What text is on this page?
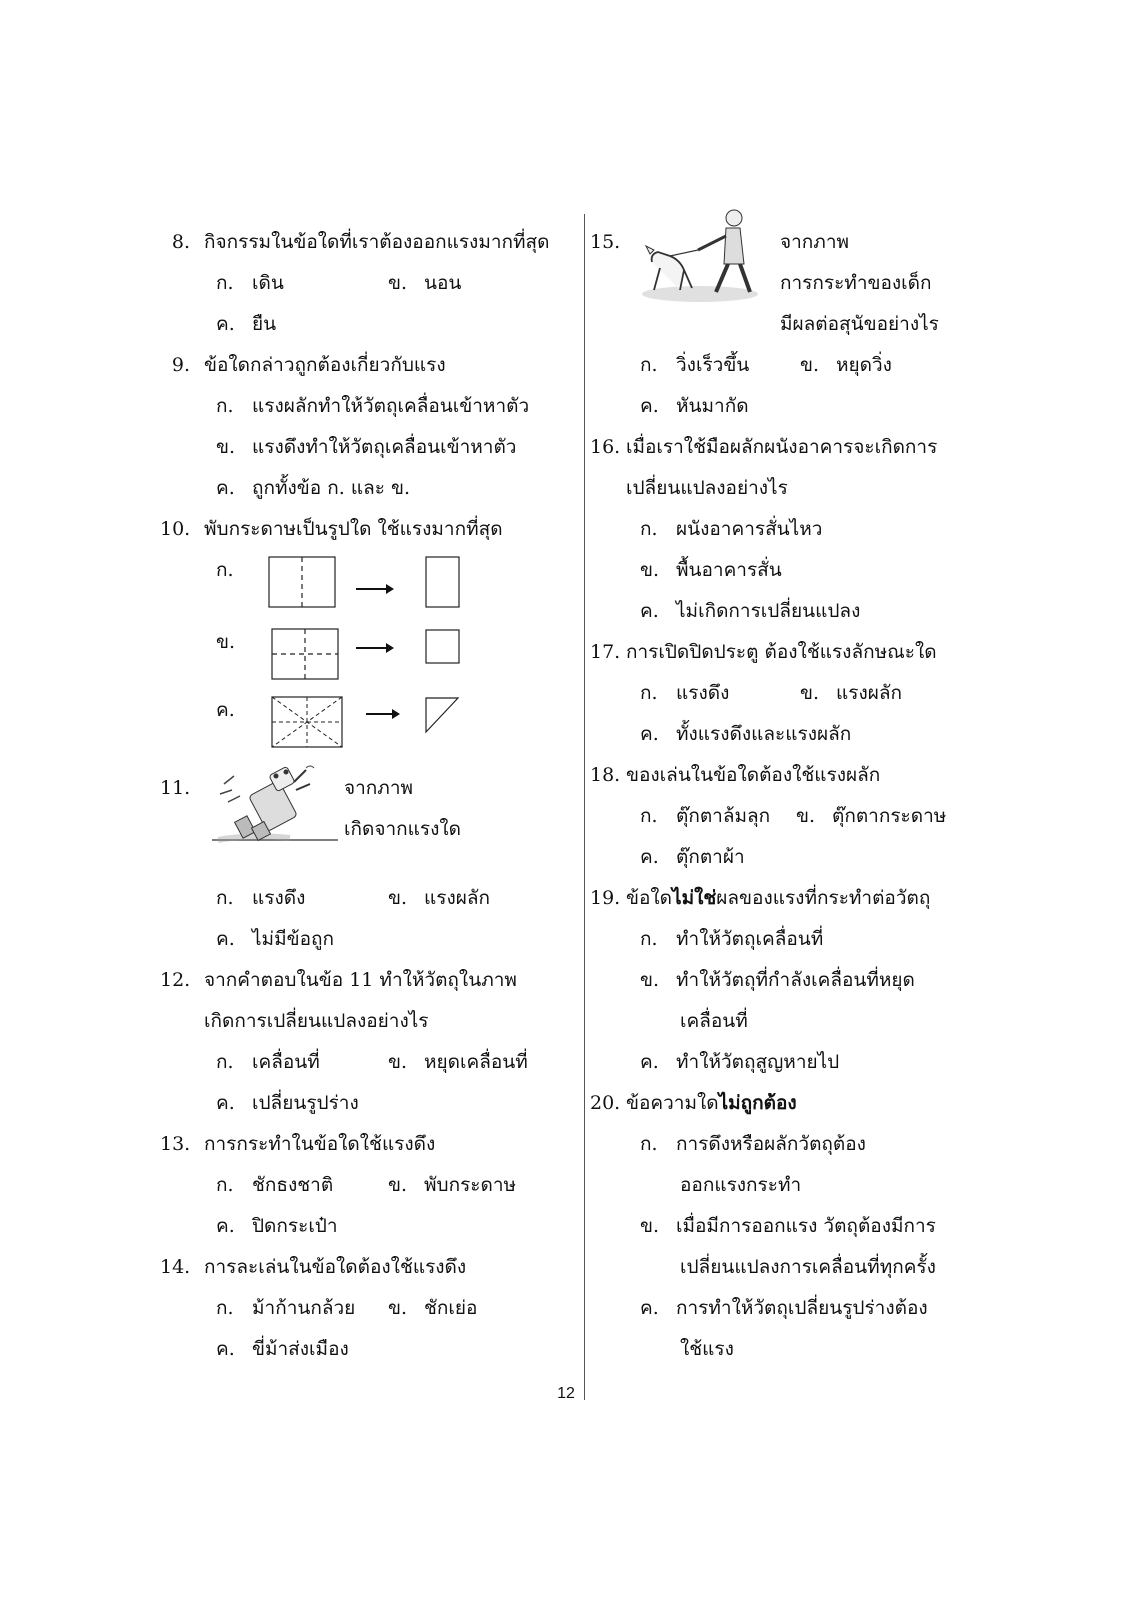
8. กิจกรรมในข้อใดที่เราต้องออกแรงมากที่สุด
ก. เดิน	ข. นอน
ค. ยืน
9. ข้อใดกล่าวถูกต้องเกี่ยวกับแรง
ก. แรงผลักทำให้วัตถุเคลื่อนเข้าหาตัว
ข. แรงดึงทำให้วัตถุเคลื่อนเข้าหาตัว
ค. ถูกทั้งข้อ ก. และ ข.
10. พับกระดาษเป็นรูปใด ใช้แรงมากที่สุด
ก.
ข.
ค.
11.	จากภาพ
เกิดจากแรงใด
ก. แรงดึง	ข. แรงผลัก
ค. ไม่มีข้อถูก
12. จากคำตอบในข้อ 11 ทำให้วัตถุในภาพ
เกิดการเปลี่ยนแปลงอย่างไร
ก. เคลื่อนที่	ข. หยุดเคลื่อนที่
ค. เปลี่ยนรูปร่าง
13. การกระทำในข้อใดใช้แรงดึง
ก. ชักธงชาติ	ข. พับกระดาษ
ค. ปิดกระเป๋า
14. การละเล่นในข้อใดต้องใช้แรงดึง
ก. ม้าก้านกล้วย ข. ชักเย่อ
ค. ขี่ม้าส่งเมือง
15.	จากภาพ
การกระทำของเด็ก
มีผลต่อสุนัขอย่างไร
ก. วิ่งเร็วขึ้น	ข. หยุดวิ่ง
ค. หันมากัด
16. เมื่อเราใช้มือผลักผนังอาคารจะเกิดการ
เปลี่ยนแปลงอย่างไร
ก. ผนังอาคารสั่นไหว
ข. พื้นอาคารสั่น
ค. ไม่เกิดการเปลี่ยนแปลง
17. การเปิดปิดประตู ต้องใช้แรงลักษณะใด
ก. แรงดึง	ข. แรงผลัก
ค. ทั้งแรงดึงและแรงผลัก
18. ของเล่นในข้อใดต้องใช้แรงผลัก
ก. ตุ๊กตาล้มลุก ข. ตุ๊กตากระดาษ
ค. ตุ๊กตาผ้า
19. ข้อใดไม่ใช่ผลของแรงที่กระทำต่อวัตถุ
ก. ทำให้วัตถุเคลื่อนที่
ข. ทำให้วัตถุที่กำลังเคลื่อนที่หยุด
เคลื่อนที่
ค. ทำให้วัตถุสูญหายไป
20. ข้อความใดไม่ถูกต้อง
ก. การดึงหรือผลักวัตถุต้อง
ออกแรงกระทำ
ข. เมื่อมีการออกแรง วัตถุต้องมีการ
เปลี่ยนแปลงการเคลื่อนที่ทุกครั้ง
ค. การทำให้วัตถุเปลี่ยนรูปร่างต้อง
ใช้แรง
12
